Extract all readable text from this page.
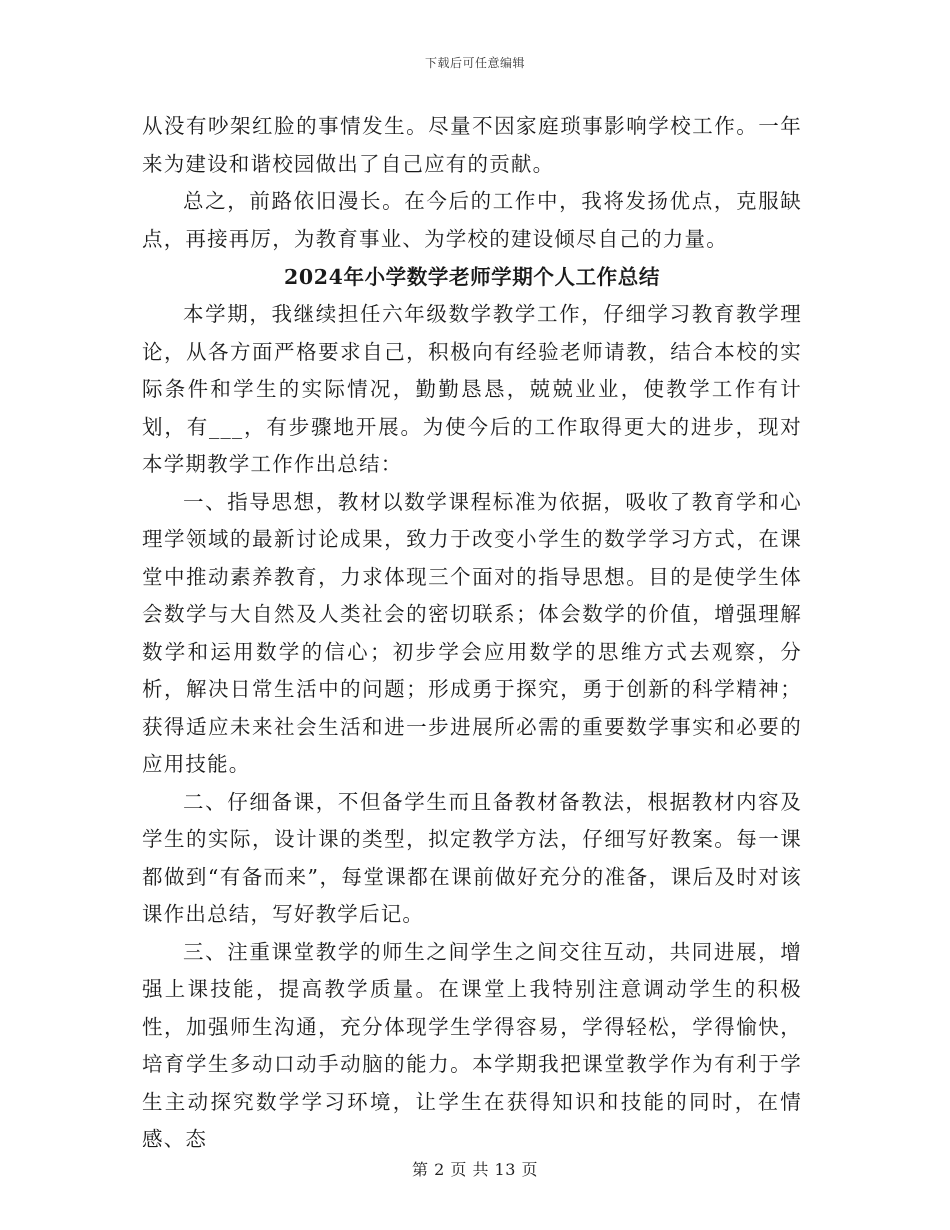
下载后可任意编辑

从没有吵架红脸的事情发生。尽量不因家庭琐事影响学校工作。一年来为建设和谐校园做出了自己应有的贡献。

总之，前路依旧漫长。在今后的工作中，我将发扬优点，克服缺点，再接再厉，为教育事业、为学校的建设倾尽自己的力量。

2024年小学数学老师学期个人工作总结

本学期，我继续担任六年级数学教学工作，仔细学习教育教学理论，从各方面严格要求自己，积极向有经验老师请教，结合本校的实际条件和学生的实际情况，勤勤恳恳，兢兢业业，使教学工作有计划，有___，有步骤地开展。为使今后的工作取得更大的进步，现对本学期教学工作作出总结：

一、指导思想，教材以数学课程标准为依据，吸收了教育学和心理学领域的最新讨论成果，致力于改变小学生的数学学习方式，在课堂中推动素养教育，力求体现三个面对的指导思想。目的是使学生体会数学与大自然及人类社会的密切联系；体会数学的价值，增强理解数学和运用数学的信心；初步学会应用数学的思维方式去观察，分析，解决日常生活中的问题；形成勇于探究，勇于创新的科学精神；获得适应未来社会生活和进一步进展所必需的重要数学事实和必要的应用技能。

二、仔细备课，不但备学生而且备教材备教法，根据教材内容及学生的实际，设计课的类型，拟定教学方法，仔细写好教案。每一课都做到“有备而来”，每堂课都在课前做好充分的准备，课后及时对该课作出总结，写好教学后记。

三、注重课堂教学的师生之间学生之间交往互动，共同进展，增强上课技能，提高教学质量。在课堂上我特别注意调动学生的积极性，加强师生沟通，充分体现学生学得容易，学得轻松，学得愉快，培育学生多动口动手动脑的能力。本学期我把课堂教学作为有利于学生主动探究数学学习环境，让学生在获得知识和技能的同时，在情感、态

第 2 页 共 13 页
